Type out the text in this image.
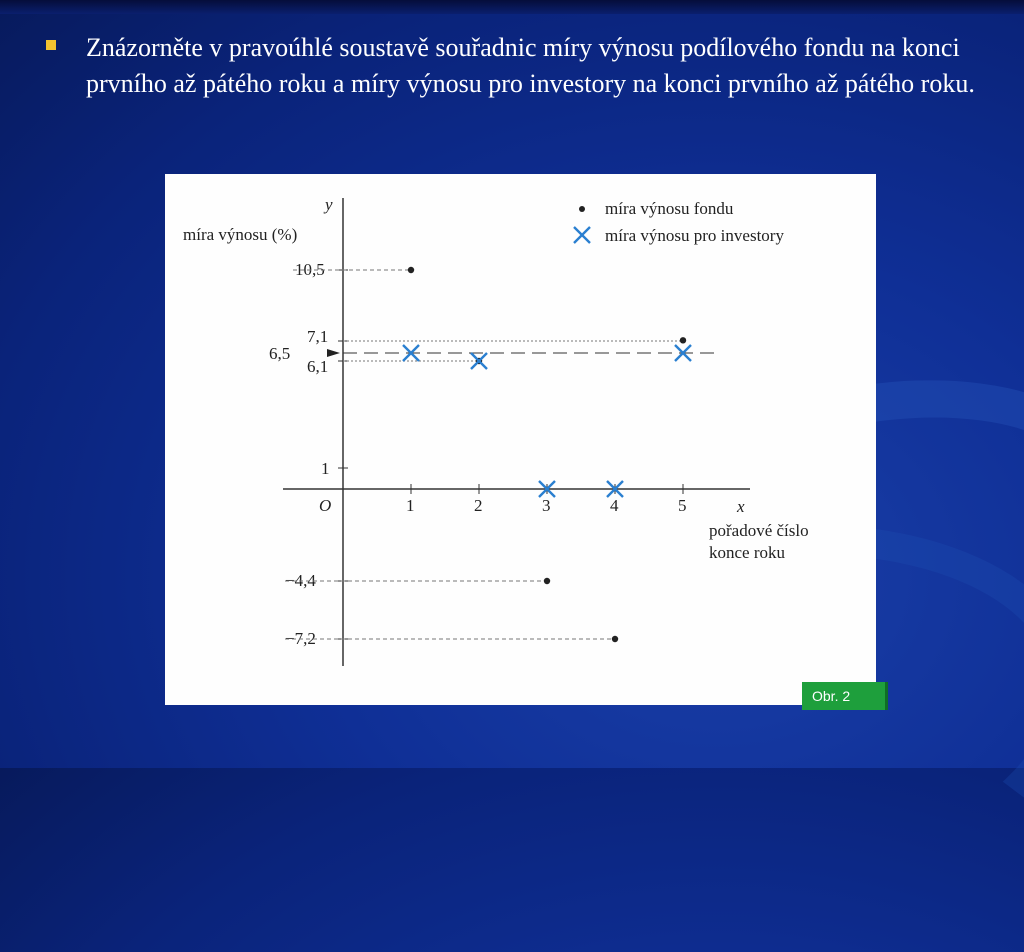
Znázorněte v pravoúhlé soustavě souřadnic míry výnosu podílového fondu na konci prvního až pátého roku a míry výnosu pro investory na konci prvního až pátého roku.
y
míra výnosu (%)
O	x
pořadové číslo
konce roku
10,5
7,1
6,5
6,1
1
−4,4
−7,2
1	2	3	4	5
míra výnosu fondu
míra výnosu pro investory
Obr. 2
